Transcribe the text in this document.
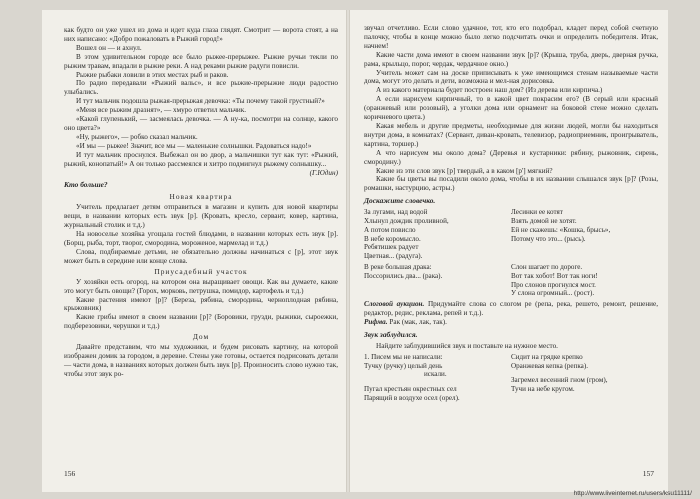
как будто он уже ушел из дома и идет куда глаза глядят. Смотрит — ворота стоят, а на них написано: «Добро пожаловать в Рыжий город!»

Вошел он — и ахнул.

В этом удивительном городе все было рыжее-прерыжее. Рыжие ручьи текли по рыжим травам, впадали в рыжие реки. А над реками рыжие радуги повисли.

Рыжие рыбаки ловили в этих местах рыб и раков.

По радио передавали «Рыжий вальс», и все рыжие-прерыжие люди радостно улыбались.

И тут мальчик подошла рыжая-прерыжая девочка: «Ты почему такой грустный?»

«Меня все рыжим дразнят», — хмуро ответил мальчик.

«Какой глупенький, — засмеялась девочка. — А ну-ка, посмотри на солнце, какого оно цвета?»

«Ну, рыжего», — робко сказал мальчик.

«И мы — рыжее! Значит, все мы — маленькие солнышки. Радоваться надо!»

И тут мальчик проснулся. Выбежал он во двор, а мальчишки тут как тут: «Рыжий, рыжий, конопатый!» А он только рассмеялся и хитро подмигнул рыжему солнышку...

(Г.Юдин)

Кто больше?

Новая квартира

Учитель предлагает детям отправиться в магазин и купить для новой квартиры вещи, в названии которых есть звук [р]. (Кровать, кресло, сервант, ковер, картина, журнальный столик и т.д.)

На новоселье хозяйка угощала гостей блюдами, в названии которых есть звук [р]. (Борщ, рыба, торт, творог, смородина, мороженое, мармелад и т.д.)

Слова, подбираемые детьми, не обязательно должны начинаться с [р], этот звук может быть в середине или конце слова.

Приусадебный участок

У хозяйки есть огород, на котором она выращивает овощи. Как вы думаете, какие это могут быть овощи? (Горох, морковь, петрушка, помидор, картофель и т.д.)

Какие растения имеют [р]? (Береза, рябина, смородина, черноплодная рябина, крыжовник)

Какие грибы имеют в своем названии [р]? (Боровики, грузди, рыжики, сыроежки, подберезовики, черушки и т.д.)

Дом

Давайте представим, что мы художники, и будем рисовать картину, на которой изображен домик за городом, в деревне. Стены уже готовы, остается подрисовать детали — части дома, в названиях которых должен быть звук [р]. Произносить слово нужно так, чтобы этот звук ро-

156

звучал отчетливо. Если слово удачное, тот, кто его подобрал, кладет перед собой счетную палочку, чтобы в конце можно было легко подсчитать очки и определить победителя. Итак, начнем!

Какие части дома имеют в своем названии звук [р]? (Крыша, труба, дверь, дверная ручка, рама, крыльцо, порог, чердак, чердачное окно.)

Учитель может сам на доске приписывать к уже имеющимся стенам называемые части дома, могут это делать и дети, возможна и мел-ная дорисовка.

А из какого материала будет построен наш дом? (Из дерева или кирпича.)

А если нарисуем кирпичный, то в какой цвет покрасим его? (В серый или красный (оранжевый или розовый), а уголки дома или орнамент на боковой стене можно сделать коричневого цвета.)

Какая мебель и другие предметы, необходимые для жизни людей, могли бы находиться внутри дома, в комнатах? (Сервант, диван-кровать, телевизор, радиоприемник, проигрыватель, картина, торшер.)

А что нарисуем мы около дома? (Деревья и кустарники: рябину, рыжовник, сирень, смородину.)

Какие из эти слов звук [р] твердый, а в каком [р'] мягкий?

Какие бы цветы вы посадили около дома, чтобы в их названии слышался звук [р]? (Розы, ромашки, настурцию, астры.)

Доскажите словечко.

За лугами, над водой
Хлынул дождик проливной,
А потом повисло
В небе коромысло.
Ребятишек радует
Цветная... (радуга).
Лесинки ее котят
Взять домой не хотят.
Ей не скажешь: «Кошка, брысь»,
Потому что это... (рысь).
В реке большая драка:
Поссорились два... (рака).
Слон шагает по дороге.
Вот так хобот! Вот так ноги!
Про слонов прогнулся мост.
У слона огромный... (рост).

Слоговой аукцион. Придумайте слова со слогом ре (репа, река, решето, ремонт, решение, редактор, редис, реклама, репей и т.д.).

Рифма. Рак (мак, лак, так).

Звук заблудился.

Найдите заблудившийся звук и поставьте на нужное место.

1. Писем мы не написали:
Тучку (ручку) целый день
искали.
Пугал крестьян окрестных сел
Парящий в воздухе осел (орел).
Сидит на грядке крепко
Оранжевая кепка (репка).
Загремел весенний гном (гром),
Тучи на небе кругом.
157
http://www.liveinternet.ru/users/ksu11111/
